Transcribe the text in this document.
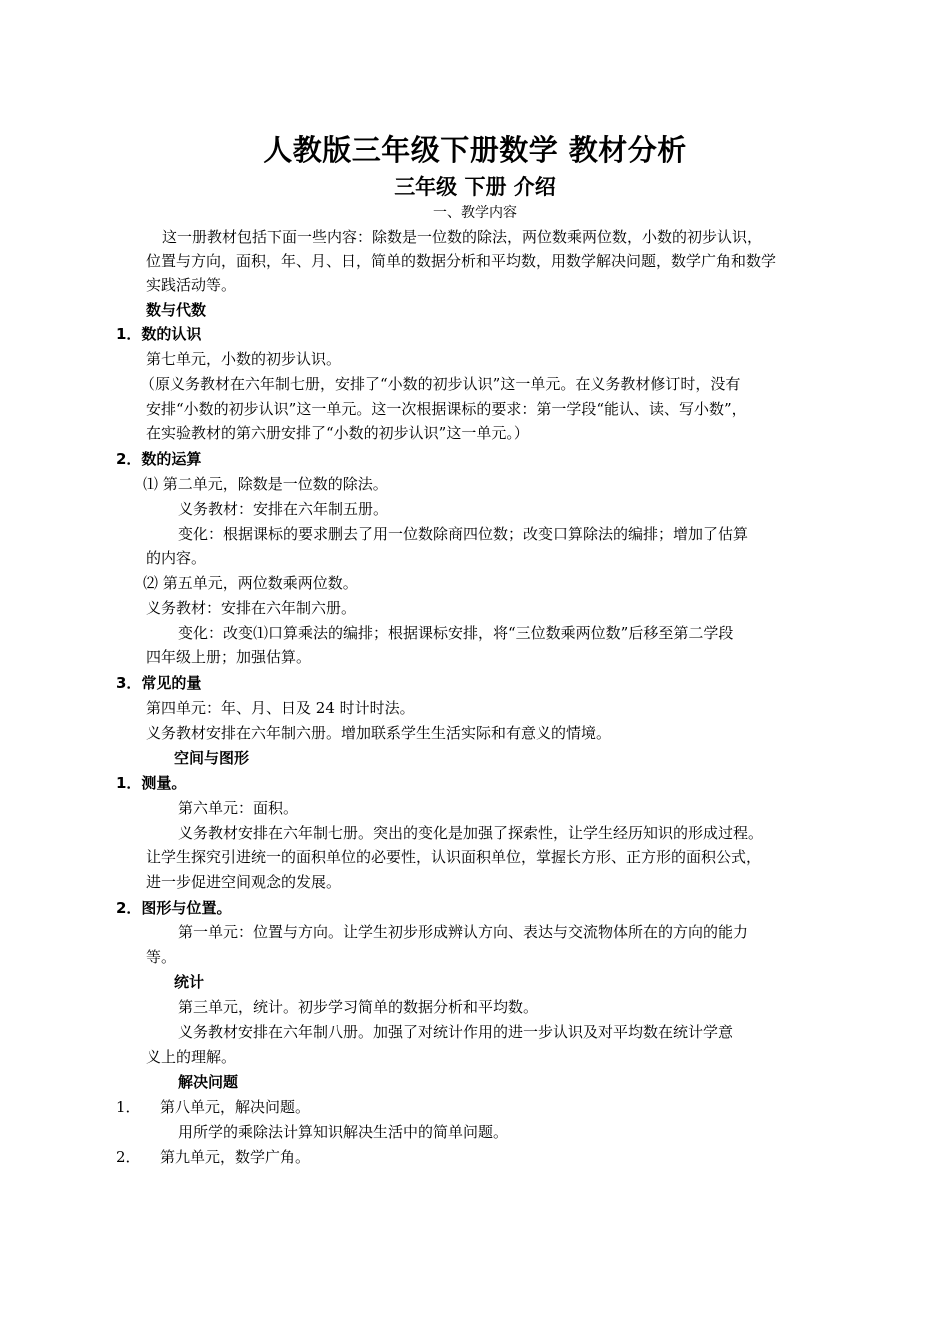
人教版三年级下册数学 教材分析
三年级 下册 介绍
一、教学内容
这一册教材包括下面一些内容：除数是一位数的除法，两位数乘两位数，小数的初步认识，
位置与方向，面积，年、月、日，简单的数据分析和平均数，用数学解决问题，数学广角和数学
实践活动等。
数与代数
1．数的认识
第七单元，小数的初步认识。
（原义务教材在六年制七册，安排了“小数的初步认识”这一单元。在义务教材修订时，没有
安排“小数的初步认识”这一单元。这一次根据课标的要求：第一学段“能认、读、写小数”，
在实验教材的第六册安排了“小数的初步认识”这一单元。）
2．数的运算
⑴ 第二单元，除数是一位数的除法。
义务教材：安排在六年制五册。
变化：根据课标的要求删去了用一位数除商四位数；改变口算除法的编排；增加了估算
的内容。
⑵ 第五单元，两位数乘两位数。
义务教材：安排在六年制六册。
变化：改变⑴口算乘法的编排；根据课标安排，将“三位数乘两位数”后移至第二学段
四年级上册；加强估算。
3．常见的量
第四单元：年、月、日及 24 时计时法。
义务教材安排在六年制六册。增加联系学生生活实际和有意义的情境。
空间与图形
1．测量。
第六单元：面积。
义务教材安排在六年制七册。突出的变化是加强了探索性，让学生经历知识的形成过程。
让学生探究引进统一的面积单位的必要性，认识面积单位，掌握长方形、正方形的面积公式，
进一步促进空间观念的发展。
2．图形与位置。
第一单元：位置与方向。让学生初步形成辨认方向、表达与交流物体所在的方向的能力
等。
统计
第三单元，统计。初步学习简单的数据分析和平均数。
义务教材安排在六年制八册。加强了对统计作用的进一步认识及对平均数在统计学意
义上的理解。
解决问题
1． 第八单元，解决问题。
用所学的乘除法计算知识解决生活中的简单问题。
2． 第九单元，数学广角。
